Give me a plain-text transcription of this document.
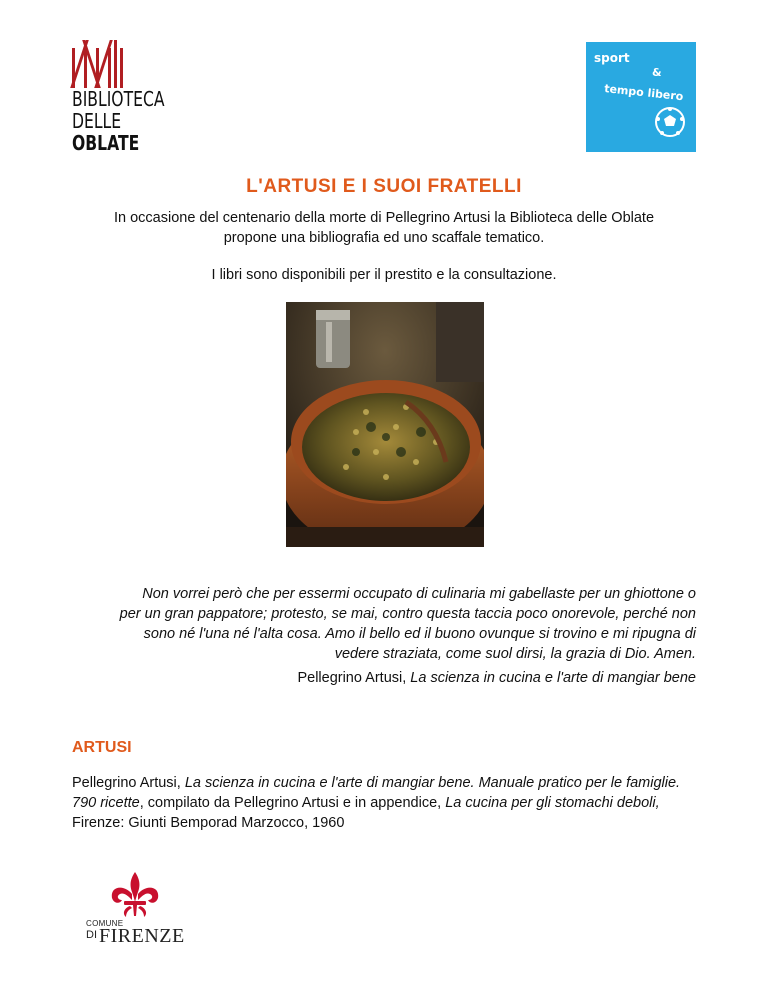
BIBLIOTECA
DELLE
OBLATE
sport
&
tempo libero
L'ARTUSI E I SUOI FRATELLI
In occasione del centenario della morte di Pellegrino Artusi la Biblioteca delle Oblate
propone una bibliografia ed uno scaffale tematico.
I libri sono disponibili per il prestito e la consultazione.
Non vorrei però che per essermi occupato di culinaria mi gabellaste per un ghiottone o
per un gran pappatore; protesto, se mai, contro questa taccia poco onorevole, perché non
sono né l'una né l'alta cosa. Amo il bello ed il buono ovunque si trovino e mi ripugna di
vedere straziata, come suol dirsi, la grazia di Dio. Amen.
Pellegrino Artusi, La scienza in cucina e l'arte di mangiar bene
ARTUSI
Pellegrino Artusi, La scienza in cucina e l'arte di mangiar bene. Manuale pratico per le famiglie. 790 ricette, compilato da Pellegrino Artusi e in appendice, La cucina per gli stomachi deboli, Firenze: Giunti Bemporad Marzocco, 1960
COMUNE
DI FIRENZE
